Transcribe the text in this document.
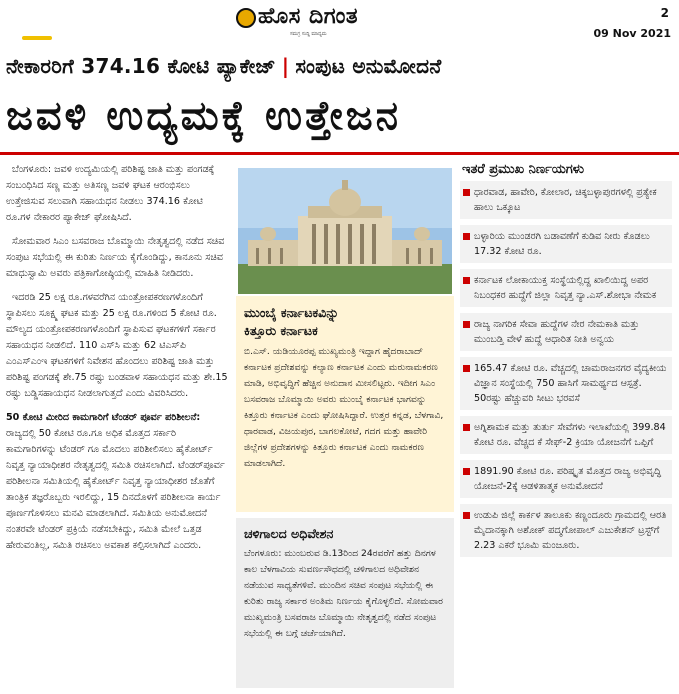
ಹೊಸ ದಿಗಂತ
ಸಮಗ್ರ ಸುದ್ದಿ ಮಾಧ್ಯಮ
2
09 Nov 2021
ನೇಕಾರರಿಗೆ 374.16 ಕೋಟಿ ಪ್ಯಾಕೇಜ್ | ಸಂಪುಟ ಅನುಮೋದನೆ
ಜವಳಿ ಉದ್ಯಮಕ್ಕೆ ಉತ್ತೇಜನ

ಬೆಂಗಳೂರು: ಜವಳಿ ಉದ್ಯಮಿಯಲ್ಲಿ ಪರಿಶಿಷ್ಟ ಜಾತಿ ಮತ್ತು ಪಂಗಡಕ್ಕೆ ಸಂಬಂಧಿಸಿದ ಸಣ್ಣ ಮತ್ತು ಅತಿಸಣ್ಣ ಜವಳಿ ಘಟಕ ಆರಂಭಿಸಲು ಉತ್ತೇಜಿಸುವ ಸಲುವಾಗಿ ಸಹಾಯಧನ ನೀಡಲು 374.16 ಕೋಟಿ ರೂ.ಗಳ ನೇಕಾರರ ಪ್ಯಾಕೇಜ್ ಘೋಷಿಸಿದೆ.

ಸೋಮವಾರ ಸಿಎಂ ಬಸವರಾಜ ಬೊಮ್ಮಾಯಿ ನೇತೃತ್ವದಲ್ಲಿ ನಡೆದ ಸಚಿವ ಸಂಪುಟ ಸಭೆಯಲ್ಲಿ ಈ ಕುರಿತು ನಿರ್ಣಯ ಕೈಗೊಂಡಿದ್ದು, ಕಾನೂನು ಸಚಿವ ಮಾಧುಸ್ವಾಮಿ ಅವರು ಪತ್ರಿಕಾಗೋಷ್ಠಿಯಲ್ಲಿ ಮಾಹಿತಿ ನೀಡಿದರು.

ಇದರಡಿ 25 ಲಕ್ಷ ರೂ.ಗಳವರೆಗಿನ ಯಂತ್ರೋಪಕರಣಗಳೊಂದಿಗೆ ಸ್ಥಾಪಿಸಲು ಸೂಕ್ಷ್ಮ ಘಟಕ ಮತ್ತು 25 ಲಕ್ಷ ರೂ.ಗಳಿಂದ 5 ಕೋಟಿ ರೂ. ಮೌಲ್ಯದ ಯಂತ್ರೋಪಕರಣಗಳೊಂದಿಗೆ ಸ್ಥಾಪಿಸುವ ಘಟಕಗಳಿಗೆ ಸರ್ಕಾರ ಸಹಾಯಧನ ನೀಡಲಿದೆ. 110 ಎಸ್‌ಸಿ ಮತ್ತು 62 ಟಿಎಸ್‌ಪಿ ಎಂಎಸ್‌ಎಂಇ ಘಟಕಗಳಿಗೆ ನಿವೇಶನ ಹೊಂದಲು ಪರಿಶಿಷ್ಟ ಜಾತಿ ಮತ್ತು ಪರಿಶಿಷ್ಟ ಪಂಗಡಕ್ಕೆ ಶೇ.75 ರಷ್ಟು ಬಂಡವಾಳ ಸಹಾಯಧನ ಮತ್ತು ಶೇ.15 ರಷ್ಟು ಬಡ್ಡಿಸಹಾಯಧನ ನೀಡಲಾಗುತ್ತದೆ ಎಂದು ವಿವರಿಸಿದರು.

50 ಕೋಟಿ ಮೀರಿದ ಕಾಮಗಾರಿಗೆ ಟೆಂಡರ್ ಪೂರ್ವ ಪರಿಶೀಲನೆ: ರಾಜ್ಯದಲ್ಲಿ 50 ಕೋಟಿ ರೂ.ಗೂ ಅಧಿಕ ಮೊತ್ತದ ಸರ್ಕಾರಿ ಕಾಮಗಾರಿಗಳನ್ನು ಟೆಂಡರ್ ಗೂ ಮೊದಲು ಪರಿಶೀಲಿಸಲು ಹೈಕೋರ್ಟ್ ನಿವೃತ್ತ ನ್ಯಾಯಾಧೀಶರ ನೇತೃತ್ವದಲ್ಲಿ ಸಮಿತಿ ರಚಿಸಲಾಗಿದೆ. ಟೆಂಡರ್‌ಪೂರ್ವ ಪರಿಶೀಲನಾ ಸಮಿತಿಯಲ್ಲಿ ಹೈಕೋರ್ಟ್ ನಿವೃತ್ತ ನ್ಯಾಯಾಧೀಶರ ಜೊತೆಗೆ ತಾಂತ್ರಿಕ ತಜ್ಞರೊಬ್ಬರು ಇರಲಿದ್ದು, 15 ದಿನದೊಳಗೆ ಪರಿಶೀಲನಾ ಕಾರ್ಯ ಪೂರ್ಣಗೊಳಿಸಲು ಮನವಿ ಮಾಡಲಾಗಿದೆ. ಸಮಿತಿಯ ಅನುಮೋದನೆ ನಂತರವೇ ಟೆಂಡರ್ ಪ್ರಕ್ರಿಯೆ ನಡೆಸಬೇಕಿದ್ದು, ಸಮಿತಿ ಮೇಲೆ ಒತ್ತಡ ಹೇರುವಂತಿಲ್ಲ, ಸಮಿತಿ ರಚಿಸಲು ಅವಕಾಶ ಕಲ್ಪಿಸಲಾಗಿದೆ ಎಂದರು.

ಮುಂಬೈ ಕರ್ನಾಟಕವಿನ್ನು
ಕಿತ್ತೂರು ಕರ್ನಾಟಕ
ಬಿ.ಎಸ್. ಯಡಿಯೂರಪ್ಪ ಮುಖ್ಯಮಂತ್ರಿ ಇದ್ದಾಗ ಹೈದರಾಬಾದ್ ಕರ್ನಾಟಕ ಪ್ರದೇಶವನ್ನು ಕಲ್ಯಾಣ ಕರ್ನಾಟಕ ಎಂದು ಮರುನಾಮಕರಣ ಮಾಡಿ, ಅಭಿವೃದ್ಧಿಗೆ ಹೆಚ್ಚಿನ ಅನುದಾನ ಮೀಸಲಿಟ್ಟರು. ಇದೀಗ ಸಿಎಂ ಬಸವರಾಜ ಬೊಮ್ಮಾಯಿ ಅವರು ಮುಂಬೈ ಕರ್ನಾಟಕ ಭಾಗವನ್ನು ಕಿತ್ತೂರು ಕರ್ನಾಟಕ ಎಂದು ಘೋಷಿಸಿದ್ದಾರೆ. ಉತ್ತರ ಕನ್ನಡ, ಬೆಳಗಾವಿ, ಧಾರವಾಡ, ವಿಜಯಪುರ, ಬಾಗಲಕೋಟೆ, ಗದಗ ಮತ್ತು ಹಾವೇರಿ ಜಿಲ್ಲೆಗಳ ಪ್ರದೇಶಗಳನ್ನು ಕಿತ್ತೂರು ಕರ್ನಾಟಕ ಎಂದು ನಾಮಕರಣ ಮಾಡಲಾಗಿದೆ.
ಚಳಿಗಾಲದ ಅಧಿವೇಶನ
ಬೆಂಗಳೂರು: ಮುಂಬರುವ ಡಿ.13ರಿಂದ 24ರವರೆಗೆ ಹತ್ತು ದಿನಗಳ ಕಾಲ ಬೆಳಗಾವಿಯ ಸುವರ್ಣಸೌಧದಲ್ಲಿ ಚಳಿಗಾಲದ ಅಧಿವೇಶನ ನಡೆಯುವ ಸಾಧ್ಯತೆಗಳಿವೆ. ಮುಂದಿನ ಸಚಿವ ಸಂಪುಟ ಸಭೆಯಲ್ಲಿ ಈ ಕುರಿತು ರಾಜ್ಯ ಸರ್ಕಾರ ಅಂತಿಮ ನಿರ್ಣಯ ಕೈಗೊಳ್ಳಲಿದೆ. ಸೋಮವಾರ ಮುಖ್ಯಮಂತ್ರಿ ಬಸವರಾಜ ಬೊಮ್ಮಾಯಿ ನೇತೃತ್ವದಲ್ಲಿ ನಡೆದ ಸಂಪುಟ ಸಭೆಯಲ್ಲಿ ಈ ಬಗ್ಗೆ ಚರ್ಚೆಯಾಗಿದೆ.
ಇತರೆ ಪ್ರಮುಖ ನಿರ್ಣಯಗಳು
ಧಾರವಾಡ, ಹಾವೇರಿ, ಕೋಲಾರ, ಚಿಕ್ಕಬಳ್ಳಾಪುರಗಳಲ್ಲಿ ಪ್ರತ್ಯೇಕ ಹಾಲು ಒಕ್ಕೂಟ
ಬಳ್ಳಾರಿಯ ಮುಂಡರಗಿ ಬಡಾವಣೆಗೆ ಕುಡಿವ ನೀರು ಕೊಡಲು 17.32 ಕೋಟಿ ರೂ.
ಕರ್ನಾಟಕ ಲೋಕಾಯುಕ್ತ ಸಂಸ್ಥೆಯಲ್ಲಿದ್ದ ಖಾಲಿಯಿದ್ದ ಅಪರ ನಿಬಂಧಕರ ಹುದ್ದೆಗೆ ಜಿಲ್ಲಾ ನಿವೃತ್ತ ನ್ಯಾ.ಎಸ್.ಶೋಭಾ ನೇಮಕ
ರಾಜ್ಯ ನಾಗರಿಕ ಸೇವಾ ಹುದ್ದೆಗಳ ನೇರ ನೇಮಕಾತಿ ಮತ್ತು ಮುಂಬಡ್ತಿ ವೇಳೆ ಹುದ್ದೆ ಆಧಾರಿತ ನೀತಿ ಅನ್ವಯ
165.47 ಕೋಟಿ ರೂ. ವೆಚ್ಚದಲ್ಲಿ ಚಾಮರಾಜನಗರ ವೈದ್ಯಕೀಯ ವಿಜ್ಞಾನ ಸಂಸ್ಥೆಯಲ್ಲಿ 750 ಹಾಸಿಗೆ ಸಾಮರ್ಥ್ಯದ ಆಸ್ಪತ್ರೆ. 50ರಷ್ಟು ಹೆಚ್ಚುವರಿ ಸೀಟು ಭರವಸೆ
ಅಗ್ನಿಶಾಮಕ ಮತ್ತು ತುರ್ತು ಸೇವೆಗಳು ಇಲಾಖೆಯಲ್ಲಿ 399.84 ಕೋಟಿ ರೂ. ವೆಚ್ಚದ ಕೆ ಸೇಫ್-2 ಕ್ರಿಯಾ ಯೋಜನೆಗೆ ಒಪ್ಪಿಗೆ
1891.90 ಕೋಟಿ ರೂ. ಪರಿಷ್ಕೃತ ಮೊತ್ತದ ರಾಜ್ಯ ಅಭಿವೃದ್ಧಿ ಯೋಜನೆ-2ಕ್ಕೆ ಆಡಳಿತಾತ್ಮಕ ಅನುಮೋದನೆ
ಉಡುಪಿ ಜಿಲ್ಲೆ ಕಾರ್ಕಳ ತಾಲೂಕು ಕಣ್ಣಂದೂರು ಗ್ರಾಮದಲ್ಲಿ ಆರತಿ ಮೈದಾನಕ್ಕಾಗಿ ಅಶೋಕ್ ಪದ್ಮಗೋಪಾಲ್ ಎಜುಕೇಶನ್ ಟ್ರಸ್ಟ್‌ಗೆ 2.23 ಎಕರೆ ಭೂಮಿ ಮಂಜೂರು.
